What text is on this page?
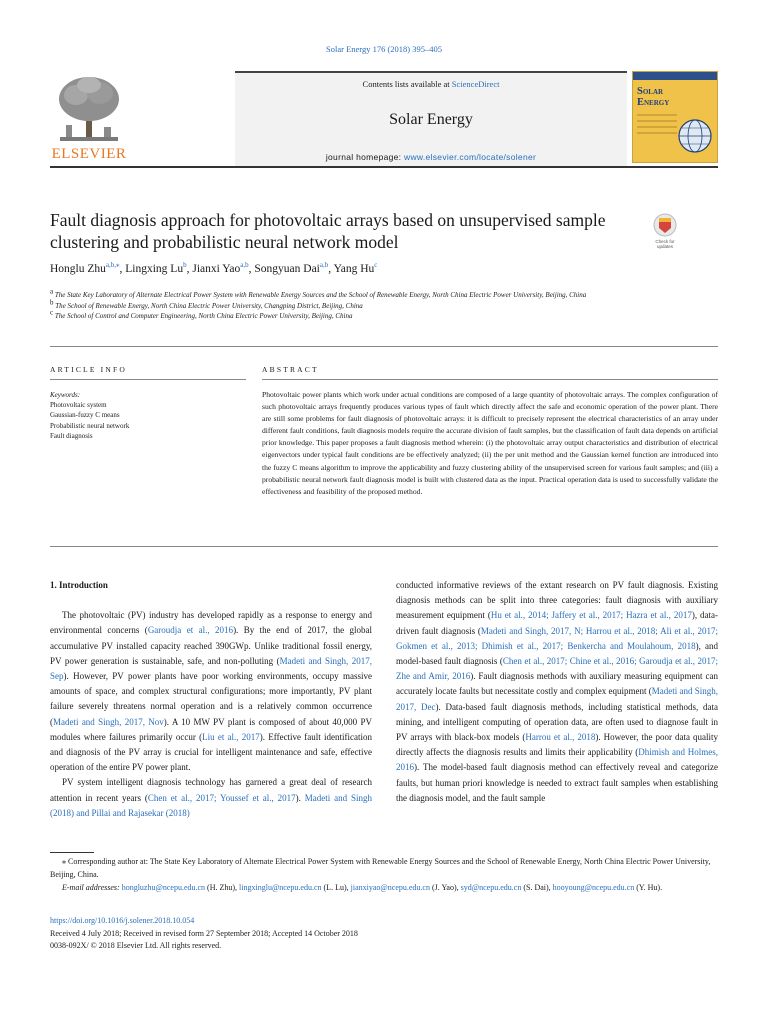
Solar Energy 176 (2018) 395–405
ELSEVIER
Contents lists available at ScienceDirect
Solar Energy
journal homepage: www.elsevier.com/locate/solener
Solar
Energy
Fault diagnosis approach for photovoltaic arrays based on unsupervised sample clustering and probabilistic neural network model	Check for updates
Honglu Zhu$^{a,b,⁎}$, Lingxing Lu$^b$, Jianxi Yao$^{a,b}$, Songyuan Dai$^{a,b}$, Yang Hu$^c$
$^a$ The State Key Laboratory of Alternate Electrical Power System with Renewable Energy Sources and the School of Renewable Energy, North China Electric Power University, Beijing, China
$^b$ The School of Renewable Energy, North China Electric Power University, Changping District, Beijing, China
$^c$ The School of Control and Computer Engineering, North China Electric Power University, Beijing, China
ARTICLE INFO	ABSTRACT
Keywords:
Photovoltaic system
Gaussian-fuzzy C means
Probabilistic neural network
Fault diagnosis
Photovoltaic power plants which work under actual conditions are composed of a large quantity of photovoltaic arrays. The complex configuration of such photovoltaic arrays frequently produces various types of fault which directly affect the safe and economic operation of the power plant. There are still some problems for fault diagnosis of photovoltaic arrays: it is difficult to precisely represent the electrical characteristics of an array under different fault conditions, fault diagnosis models require the accurate division of fault samples, but the classification of fault data depends on artificial prior knowledge. This paper proposes a fault diagnosis method wherein: (i) the photovoltaic array output characteristics and distribution of electrical eigenvectors under typical fault conditions are be effectively analyzed; (ii) the per unit method and the Gaussian kernel function are introduced into the fuzzy C means algorithm to improve the applicability and fuzzy clustering ability of the unsupervised screen for various fault samples; and (iii) a probabilistic neural network fault diagnosis model is built with clustered data as the input. Practical operation data is used to successfully validate the effectiveness and feasibility of the proposed method.
1. Introduction

The photovoltaic (PV) industry has developed rapidly as a response to energy and environmental concerns (Garoudja et al., 2016). By the end of 2017, the global accumulative PV installed capacity reached 390GWp. Unlike traditional fossil energy, PV power generation is sustainable, safe, and non-polluting (Madeti and Singh, 2017, Sep). However, PV power plants have poor working environments, occupy massive amounts of space, and complex structural configurations; more importantly, PV plant failure severely threatens normal operation and is a relatively common occurrence (Madeti and Singh, 2017, Nov). A 10 MW PV plant is composed of about 40,000 PV modules where failures primarily occur (Liu et al., 2017). Effective fault identification and diagnosis of the PV array is crucial for intelligent maintenance and safe, effective operation of the entire PV power plant.

PV system intelligent diagnosis technology has garnered a great deal of research attention in recent years (Chen et al., 2017; Youssef et al., 2017). Madeti and Singh (2018) and Pillai and Rajasekar (2018)

conducted informative reviews of the extant research on PV fault diagnosis. Existing diagnosis methods can be split into three categories: fault diagnosis with auxiliary measurement equipment (Hu et al., 2014; Jaffery et al., 2017; Hazra et al., 2017), data-driven fault diagnosis (Madeti and Singh, 2017, N; Harrou et al., 2018; Ali et al., 2017; Gokmen et al., 2013; Dhimish et al., 2017; Benkercha and Moulahoum, 2018), and model-based fault diagnosis (Chen et al., 2017; Chine et al., 2016; Garoudja et al., 2017; Zhe and Amir, 2016). Fault diagnosis methods with auxiliary measuring equipment can accurately locate faults but necessitate costly and complex equipment (Madeti and Singh, 2017, Dec). Data-based fault diagnosis methods, including statistical methods, data mining, and intelligent computing of operation data, are often used to diagnose fault in PV arrays with black-box models (Harrou et al., 2018). However, the poor data quality directly affects the diagnosis results and limits their applicability (Dhimish and Holmes, 2016). The model-based fault diagnosis method can effectively reveal and categorize faults, but human priori knowledge is needed to extract fault samples when establishing the diagnosis model, and the fault sample

⁎ Corresponding author at: The State Key Laboratory of Alternate Electrical Power System with Renewable Energy Sources and the School of Renewable Energy, North China Electric Power University, Beijing, China.
E-mail addresses: hongluzhu@ncepu.edu.cn (H. Zhu), lingxinglu@ncepu.edu.cn (L. Lu), jianxiyao@ncepu.edu.cn (J. Yao), syd@ncepu.edu.cn (S. Dai), hooyoung@ncepu.edu.cn (Y. Hu).
https://doi.org/10.1016/j.solener.2018.10.054
Received 4 July 2018; Received in revised form 27 September 2018; Accepted 14 October 2018
0038-092X/ © 2018 Elsevier Ltd. All rights reserved.
